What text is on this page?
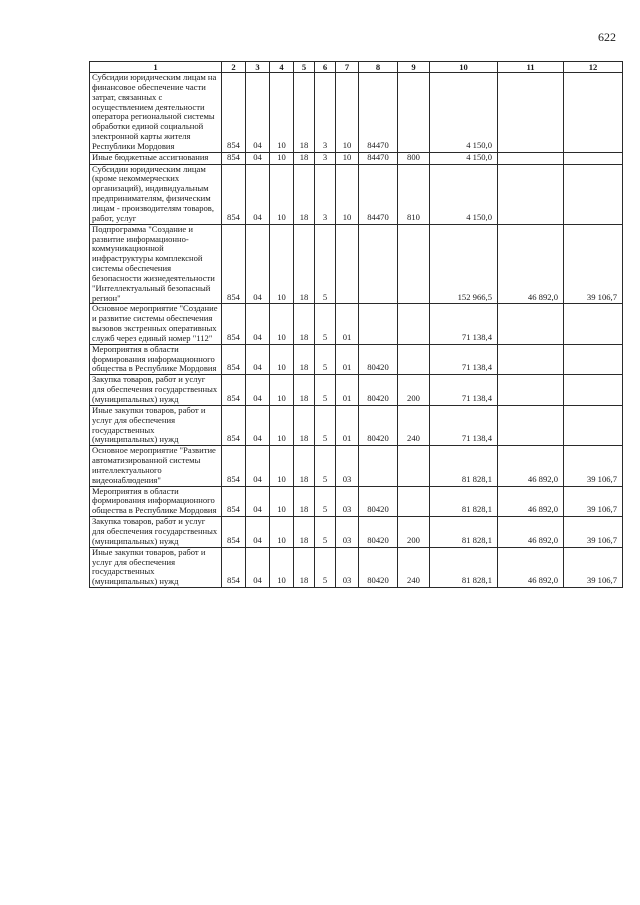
622
1	2	3	4	5	6	7	8	9	10	11	12
Субсидии юридическим лицам на финансовое обеспечение части затрат, связанных с осуществлением деятельности оператора региональной системы обработки единой социальной электронной карты жителя Республики Мордовия	854	04	10	18	3	10	84470		4 150,0		
Иные бюджетные ассигнования	854	04	10	18	3	10	84470	800	4 150,0		
Субсидии юридическим лицам (кроме некоммерческих организаций), индивидуальным предпринимателям, физическим лицам - производителям товаров, работ, услуг	854	04	10	18	3	10	84470	810	4 150,0		
Подпрограмма "Создание и развитие информационно-коммуникационной инфраструктуры комплексной системы обеспечения безопасности жизнедеятельности "Интеллектуальный безопасный регион"	854	04	10	18	5				152 966,5	46 892,0	39 106,7
Основное мероприятие "Создание и развитие системы обеспечения вызовов экстренных оперативных служб через единый номер "112"	854	04	10	18	5	01			71 138,4		
Мероприятия в области формирования информационного общества в Республике Мордовия	854	04	10	18	5	01	80420		71 138,4		
Закупка товаров, работ и услуг для обеспечения государственных (муниципальных) нужд	854	04	10	18	5	01	80420	200	71 138,4		
Иные закупки товаров, работ и услуг для обеспечения государственных (муниципальных) нужд	854	04	10	18	5	01	80420	240	71 138,4		
Основное мероприятие "Развитие автоматизированной системы интеллектуального видеонаблюдения"	854	04	10	18	5	03			81 828,1	46 892,0	39 106,7
Мероприятия в области формирования информационного общества в Республике Мордовия	854	04	10	18	5	03	80420		81 828,1	46 892,0	39 106,7
Закупка товаров, работ и услуг для обеспечения государственных (муниципальных) нужд	854	04	10	18	5	03	80420	200	81 828,1	46 892,0	39 106,7
Иные закупки товаров, работ и услуг для обеспечения государственных (муниципальных) нужд	854	04	10	18	5	03	80420	240	81 828,1	46 892,0	39 106,7
